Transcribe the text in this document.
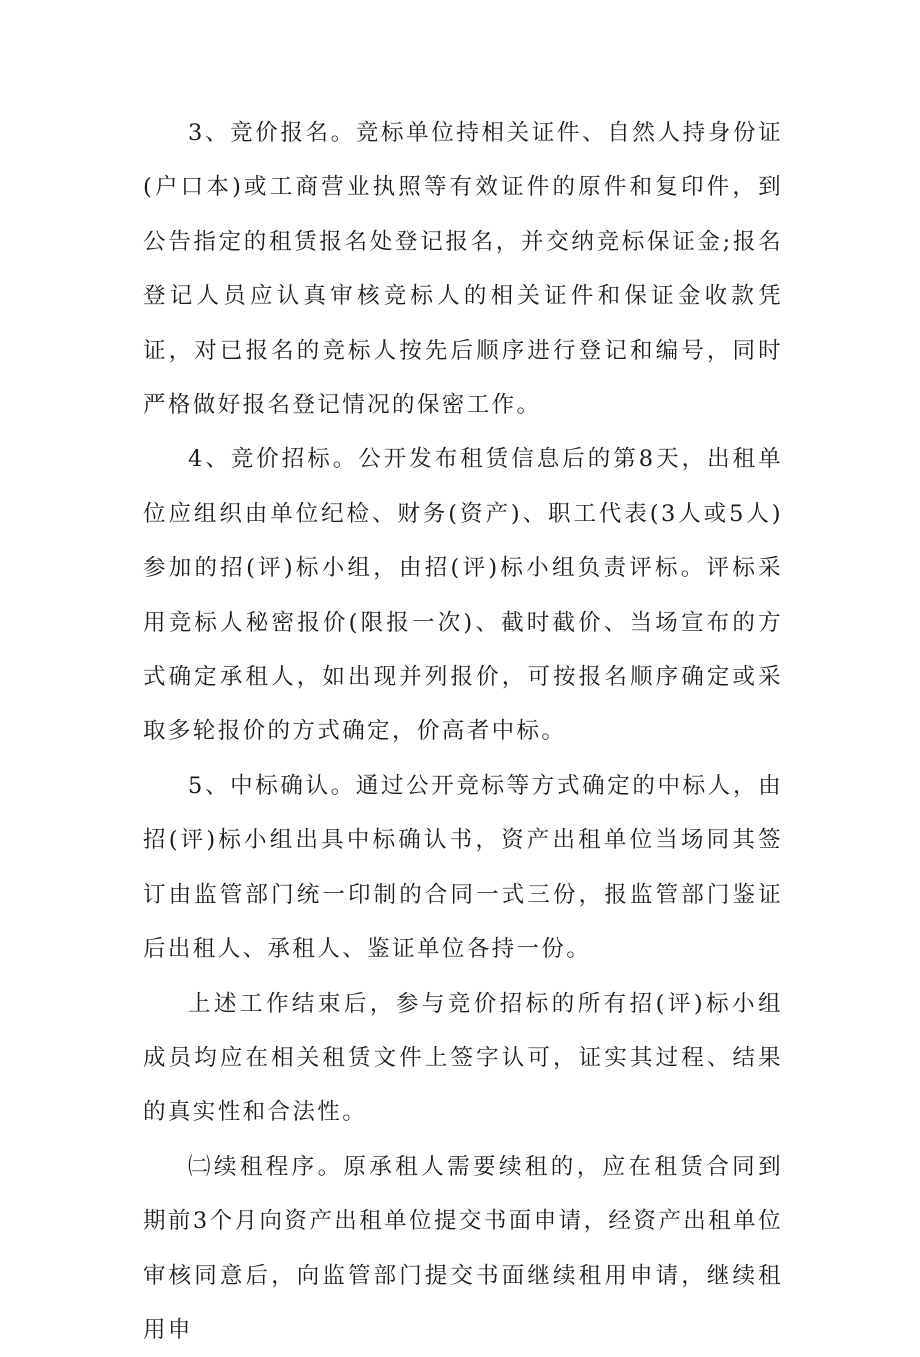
3、竞价报名。竞标单位持相关证件、自然人持身份证(户口本)或工商营业执照等有效证件的原件和复印件，到公告指定的租赁报名处登记报名，并交纳竞标保证金;报名登记人员应认真审核竞标人的相关证件和保证金收款凭证，对已报名的竞标人按先后顺序进行登记和编号，同时严格做好报名登记情况的保密工作。

4、竞价招标。公开发布租赁信息后的第8天，出租单位应组织由单位纪检、财务(资产)、职工代表(3人或5人)参加的招(评)标小组，由招(评)标小组负责评标。评标采用竞标人秘密报价(限报一次)、截时截价、当场宣布的方式确定承租人，如出现并列报价，可按报名顺序确定或采取多轮报价的方式确定，价高者中标。

5、中标确认。通过公开竞标等方式确定的中标人，由招(评)标小组出具中标确认书，资产出租单位当场同其签订由监管部门统一印制的合同一式三份，报监管部门鉴证后出租人、承租人、鉴证单位各持一份。

上述工作结束后，参与竞价招标的所有招(评)标小组成员均应在相关租赁文件上签字认可，证实其过程、结果的真实性和合法性。

㈡续租程序。原承租人需要续租的，应在租赁合同到期前3个月向资产出租单位提交书面申请，经资产出租单位审核同意后，向监管部门提交书面继续租用申请，继续租用申
